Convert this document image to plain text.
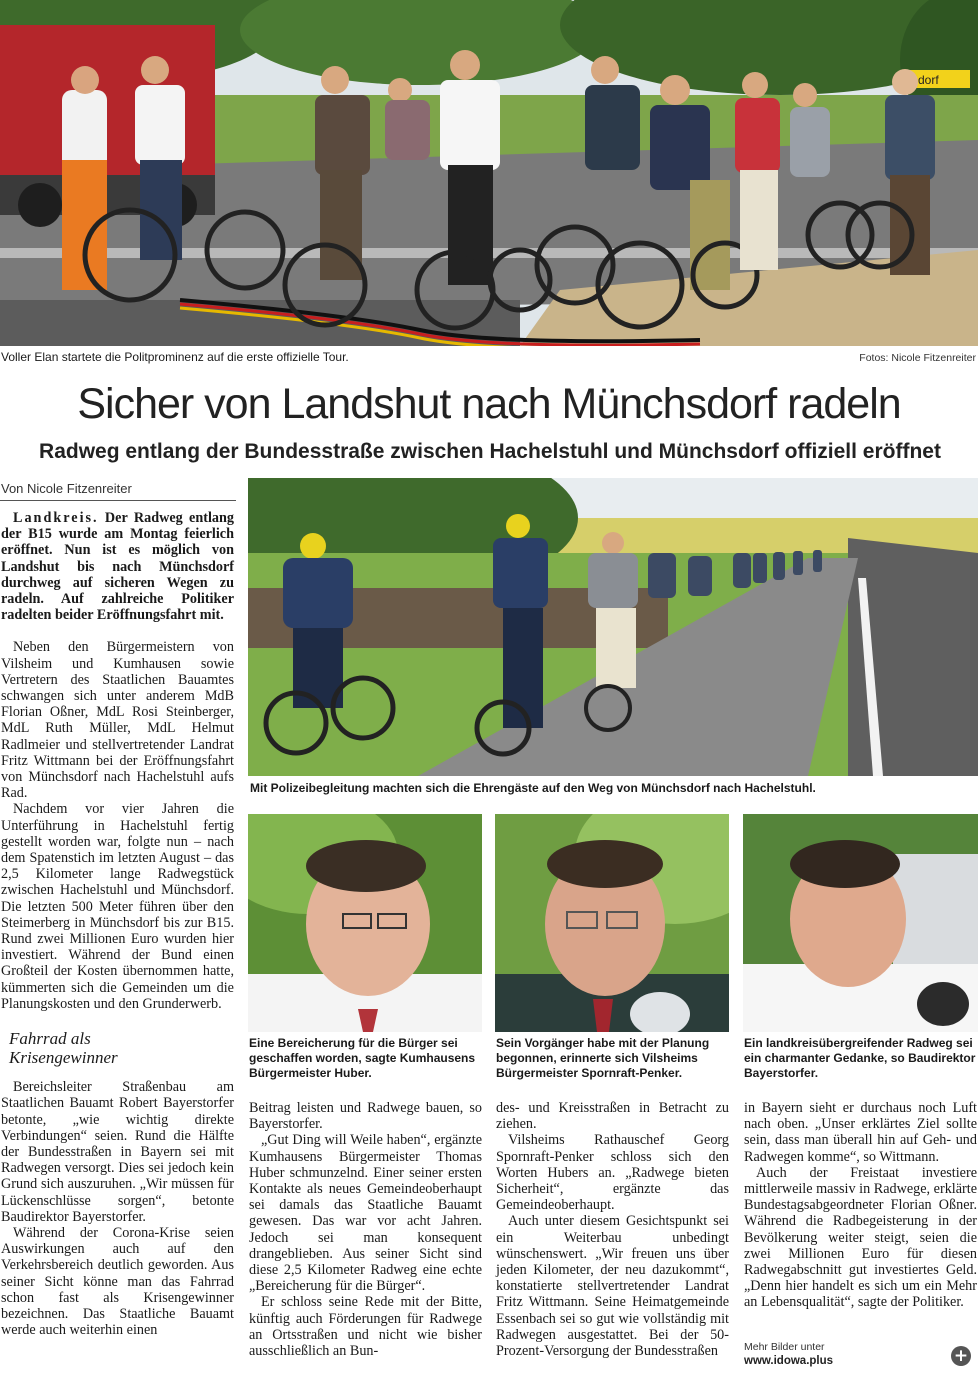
dorf
Voller Elan startete die Politprominenz auf die erste offizielle Tour.	Fotos: Nicole Fitzenreiter
Sicher von Landshut nach Münchsdorf radeln
Radweg entlang der Bundesstraße zwischen Hachelstuhl und Münchsdorf offiziell eröffnet
Von Nicole Fitzenreiter

Landkreis. Der Radweg entlang der B15 wurde am Montag feierlich eröffnet. Nun ist es möglich von Landshut bis nach Münchsdorf durchweg auf sicheren Wegen zu radeln. Auf zahlreiche Politiker radelten beider Eröffnungsfahrt mit.

Neben den Bürgermeistern von Vilsheim und Kumhausen sowie Vertretern des Staatlichen Bauamtes schwangen sich unter anderem MdB Florian Oßner, MdL Rosi Steinberger, MdL Ruth Müller, MdL Helmut Radlmeier und stellvertretender Landrat Fritz Wittmann bei der Eröffnungsfahrt von Münchsdorf nach Hachelstuhl aufs Rad.

Nachdem vor vier Jahren die Unterführung in Hachelstuhl fertig gestellt worden war, folgte nun – nach dem Spatenstich im letzten August – das 2,5 Kilometer lange Radwegstück zwischen Hachelstuhl und Münchsdorf. Die letzten 500 Meter führen über den Steimerberg in Münchsdorf bis zur B15. Rund zwei Millionen Euro wurden hier investiert. Während der Bund einen Großteil der Kosten übernommen hatte, kümmerten sich die Gemeinden um die Planungskosten und den Grunderwerb.

Fahrrad als
Krisengewinner

Bereichsleiter Straßenbau am Staatlichen Bauamt Robert Bayerstorfer betonte, „wie wichtig direkte Verbindungen“ seien. Rund die Hälfte der Bundesstraßen in Bayern sei mit Radwegen versorgt. Dies sei jedoch kein Grund sich auszuruhen. „Wir müssen für Lückenschlüsse sorgen“, betonte Baudirektor Bayerstorfer.

Während der Corona-Krise seien Auswirkungen auch auf den Verkehrsbereich deutlich geworden. Aus seiner Sicht könne man das Fahrrad schon fast als Krisengewinner bezeichnen. Das Staatliche Bauamt werde auch weiterhin einen

Mit Polizeibegleitung machten sich die Ehrengäste auf den Weg von Münchsdorf nach Hachelstuhl.
Eine Bereicherung für die Bürger sei geschaffen worden, sagte Kumhausens Bürgermeister Huber.
Sein Vorgänger habe mit der Planung begonnen, erinnerte sich Vilsheims Bürgermeister Spornraft-Penker.
Ein landkreisübergreifender Radweg sei ein charmanter Gedanke, so Baudirektor Bayerstorfer.

Beitrag leisten und Radwege bauen, so Bayerstorfer.

„Gut Ding will Weile haben“, ergänzte Kumhausens Bürgermeister Thomas Huber schmunzelnd. Einer seiner ersten Kontakte als neues Gemeindeoberhaupt sei damals das Staatliche Bauamt gewesen. Das war vor acht Jahren. Jedoch sei man konsequent drangeblieben. Aus seiner Sicht sind diese 2,5 Kilometer Radweg eine echte „Bereicherung für die Bürger“.

Er schloss seine Rede mit der Bitte, künftig auch Förderungen für Radwege an Ortsstraßen und nicht wie bisher ausschließlich an Bun-

des- und Kreisstraßen in Betracht zu ziehen.

Vilsheims Rathauschef Georg Spornraft-Penker schloss sich den Worten Hubers an. „Radwege bieten Sicherheit“, ergänzte das Gemeindeoberhaupt.

Auch unter diesem Gesichtspunkt sei ein Weiterbau unbedingt wünschenswert. „Wir freuen uns über jeden Kilometer, der neu dazukommt“, konstatierte stellvertretender Landrat Fritz Wittmann. Seine Heimatgemeinde Essenbach sei so gut wie vollständig mit Radwegen ausgestattet. Bei der 50-Prozent-Versorgung der Bundesstraßen

in Bayern sieht er durchaus noch Luft nach oben. „Unser erklärtes Ziel sollte sein, dass man überall hin auf Geh- und Radwegen komme“, so Wittmann.

Auch der Freistaat investiere mittlerweile massiv in Radwege, erklärte Bundestagsabgeordneter Florian Oßner. Während die Radbegeisterung in der Bevölkerung weiter steigt, seien die zwei Millionen Euro für diesen Radwegabschnitt gut investiertes Geld. „Denn hier handelt es sich um ein Mehr an Lebensqualität“, sagte der Politiker.

Mehr Bilder unter
www.idowa.plus	+
